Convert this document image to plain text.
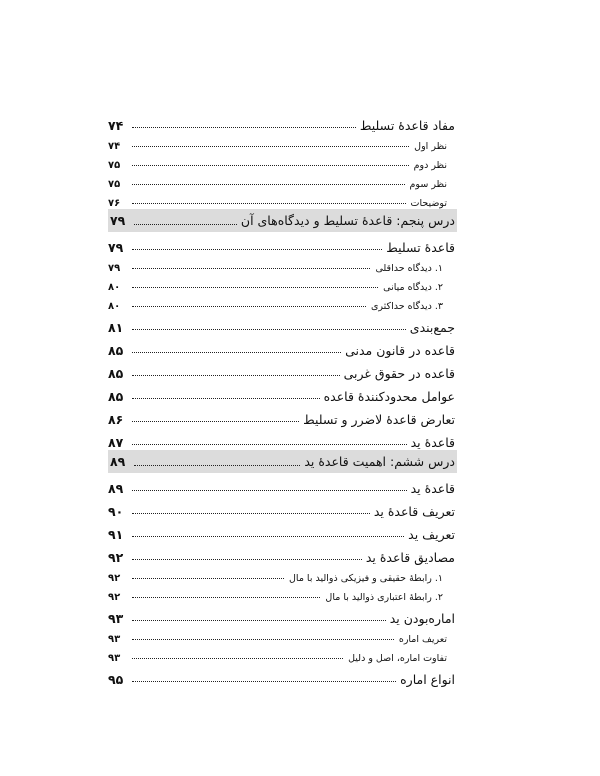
مفاد قاعدهٔ تسلیط
۷۴
نظر اول
۷۴
نظر دوم
۷۵
نظر سوم
۷۵
توضیحات
۷۶
درس پنجم: قاعدهٔ تسلیط و دیدگاه‌های آن
۷۹
قاعدهٔ تسلیط
۷۹
۱. دیدگاه حداقلی
۷۹
۲. دیدگاه میانی
۸۰
۳. دیدگاه حداکثری
۸۰
جمع‌بندی
۸۱
قاعده در قانون مدنی
۸۵
قاعده در حقوق غربی
۸۵
عوامل محدودکنندهٔ قاعده
۸۵
تعارض قاعدهٔ لاضرر و تسلیط
۸۶
قاعدهٔ ید
۸۷
درس ششم: اهمیت قاعدهٔ ید
۸۹
قاعدهٔ ید
۸۹
تعریف قاعدهٔ ید
۹۰
تعریف ید
۹۱
مصادیق قاعدهٔ ید
۹۲
۱. رابطهٔ حقیقی و فیزیکی ذوالید با مال
۹۲
۲. رابطهٔ اعتباری ذوالید با مال
۹۲
اماره‌بودن ید
۹۳
تعریف اماره
۹۳
تفاوت اماره، اصل و دلیل
۹۳
انواع اماره
۹۵
